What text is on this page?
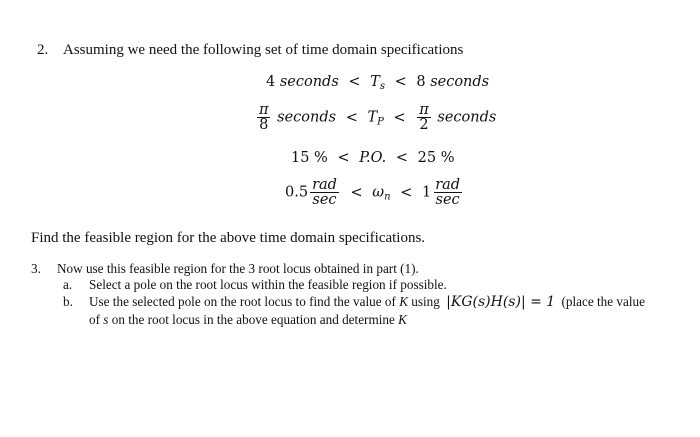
2. Assuming we need the following set of time domain specifications
4 seconds < $T_s < 8$ seconds
$\frac{\pi}{8}$ seconds < $T_P < \frac{\pi}{2}$ seconds
15 % < P.O. < 25 %
$0.5 \frac{\text{rad}}{\sec} < \omega_n < 1 \frac{\text{rad}}{\sec}$
Find the feasible region for the above time domain specifications.
3. Now use this feasible region for the 3 root locus obtained in part (1).
a. Select a pole on the root locus within the feasible region if possible.
b. Use the selected pole on the root locus to find the value of K using |KG(s)H(s)| = 1 (place the value
of s on the root locus in the above equation and determine K
